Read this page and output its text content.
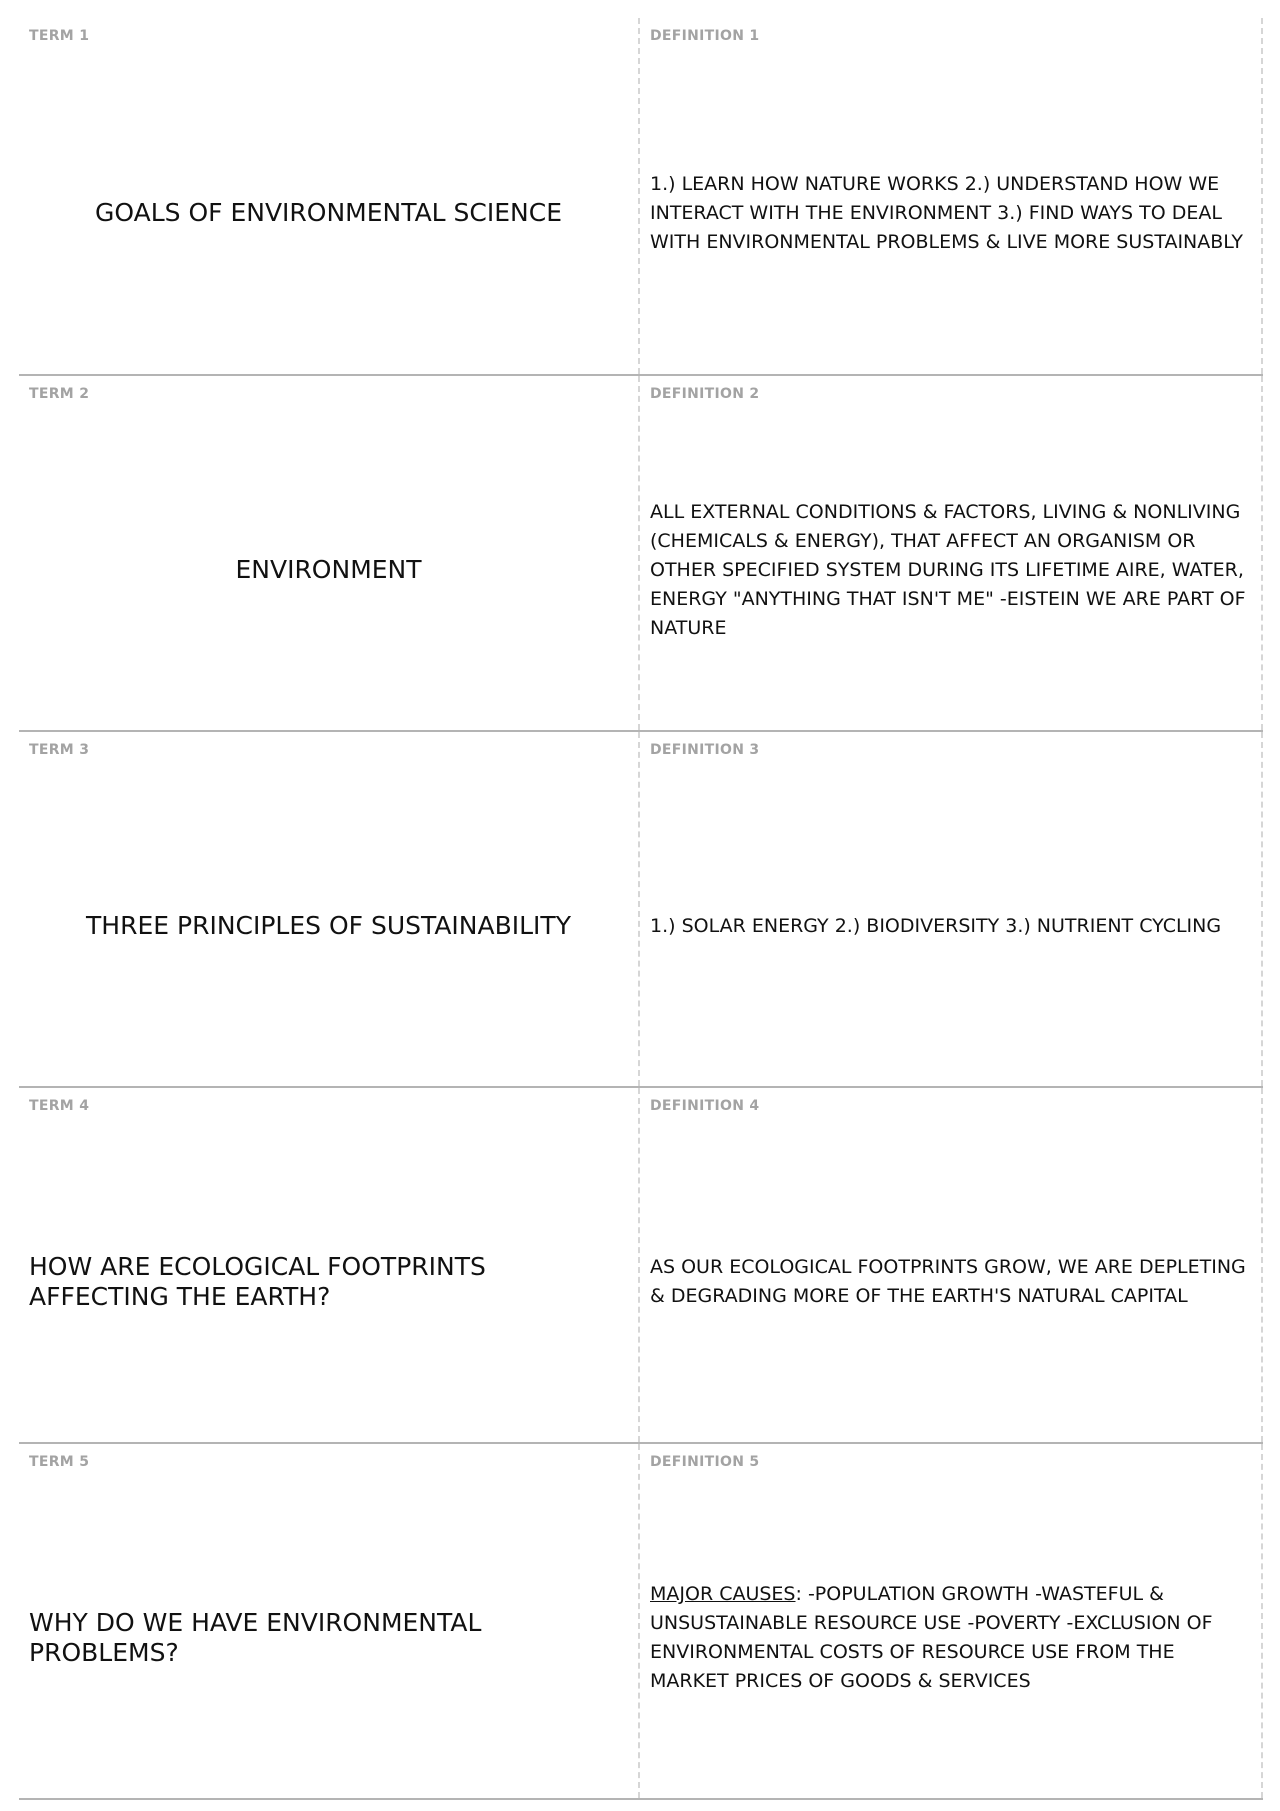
TERM 1
GOALS OF ENVIRONMENTAL SCIENCE
DEFINITION 1
1.) LEARN HOW NATURE WORKS 2.) UNDERSTAND HOW WE INTERACT WITH THE ENVIRONMENT 3.) FIND WAYS TO DEAL WITH ENVIRONMENTAL PROBLEMS & LIVE MORE SUSTAINABLY
TERM 2
ENVIRONMENT
DEFINITION 2
ALL EXTERNAL CONDITIONS & FACTORS, LIVING & NONLIVING (CHEMICALS & ENERGY), THAT AFFECT AN ORGANISM OR OTHER SPECIFIED SYSTEM DURING ITS LIFETIME AIRE, WATER, ENERGY "ANYTHING THAT ISN'T ME" -EISTEIN WE ARE PART OF NATURE
TERM 3
THREE PRINCIPLES OF SUSTAINABILITY
DEFINITION 3
1.) SOLAR ENERGY 2.) BIODIVERSITY 3.) NUTRIENT CYCLING
TERM 4
HOW ARE ECOLOGICAL FOOTPRINTS AFFECTING THE EARTH?
DEFINITION 4
AS OUR ECOLOGICAL FOOTPRINTS GROW, WE ARE DEPLETING & DEGRADING MORE OF THE EARTH'S NATURAL CAPITAL
TERM 5
WHY DO WE HAVE ENVIRONMENTAL PROBLEMS?
DEFINITION 5
MAJOR CAUSES: -POPULATION GROWTH -WASTEFUL & UNSUSTAINABLE RESOURCE USE -POVERTY -EXCLUSION OF ENVIRONMENTAL COSTS OF RESOURCE USE FROM THE MARKET PRICES OF GOODS & SERVICES
